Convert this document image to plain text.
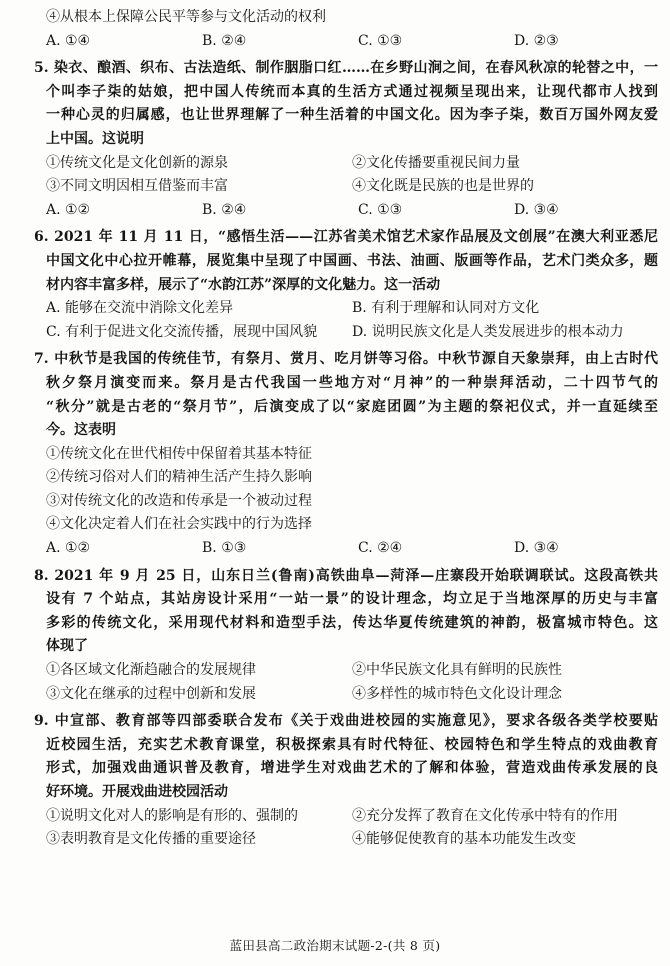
④从根本上保障公民平等参与文化活动的权利
A. ①④	B. ②④	C. ①③	D. ②③
5. 染衣、酿酒、织布、古法造纸、制作胭脂口红……在乡野山涧之间，在春风秋凉的轮替之中，一
个叫李子柒的姑娘，把中国人传统而本真的生活方式通过视频呈现出来，让现代都市人找到
一种心灵的归属感，也让世界理解了一种生活着的中国文化。因为李子柒，数百万国外网友爱
上中国。这说明
①传统文化是文化创新的源泉	②文化传播要重视民间力量
③不同文明因相互借鉴而丰富	④文化既是民族的也是世界的
A. ①②	B. ②④	C. ①③	D. ③④
6. 2021 年 11 月 11 日，“感悟生活——江苏省美术馆艺术家作品展及文创展”在澳大利亚悉尼
中国文化中心拉开帷幕，展览集中呈现了中国画、书法、油画、版画等作品，艺术门类众多，题
材内容丰富多样，展示了“水韵江苏”深厚的文化魅力。这一活动
A. 能够在交流中消除文化差异	B. 有利于理解和认同对方文化
C. 有利于促进文化交流传播，展现中国风貌	D. 说明民族文化是人类发展进步的根本动力
7. 中秋节是我国的传统佳节，有祭月、赏月、吃月饼等习俗。中秋节源自天象崇拜，由上古时代
秋夕祭月演变而来。祭月是古代我国一些地方对“月神”的一种崇拜活动，二十四节气的
“秋分”就是古老的“祭月节”，后演变成了以“家庭团圆”为主题的祭祀仪式，并一直延续至
今。这表明
①传统文化在世代相传中保留着其基本特征
②传统习俗对人们的精神生活产生持久影响
③对传统文化的改造和传承是一个被动过程
④文化决定着人们在社会实践中的行为选择
A. ①②	B. ①③	C. ②④	D. ③④
8. 2021 年 9 月 25 日，山东日兰(鲁南)高铁曲阜—菏泽—庄寨段开始联调联试。这段高铁共
设有 7 个站点，其站房设计采用“一站一景”的设计理念，均立足于当地深厚的历史与丰富
多彩的传统文化，采用现代材料和造型手法，传达华夏传统建筑的神韵，极富城市特色。这
体现了
①各区域文化渐趋融合的发展规律	②中华民族文化具有鲜明的民族性
③文化在继承的过程中创新和发展	④多样性的城市特色文化设计理念
9. 中宣部、教育部等四部委联合发布《关于戏曲进校园的实施意见》，要求各级各类学校要贴
近校园生活，充实艺术教育课堂，积极探索具有时代特征、校园特色和学生特点的戏曲教育
形式，加强戏曲通识普及教育，增进学生对戏曲艺术的了解和体验，营造戏曲传承发展的良
好环境。开展戏曲进校园活动
①说明文化对人的影响是有形的、强制的	②充分发挥了教育在文化传承中特有的作用
③表明教育是文化传播的重要途径	④能够促使教育的基本功能发生改变
蓝田县高二政治期末试题-2-(共 8 页)
